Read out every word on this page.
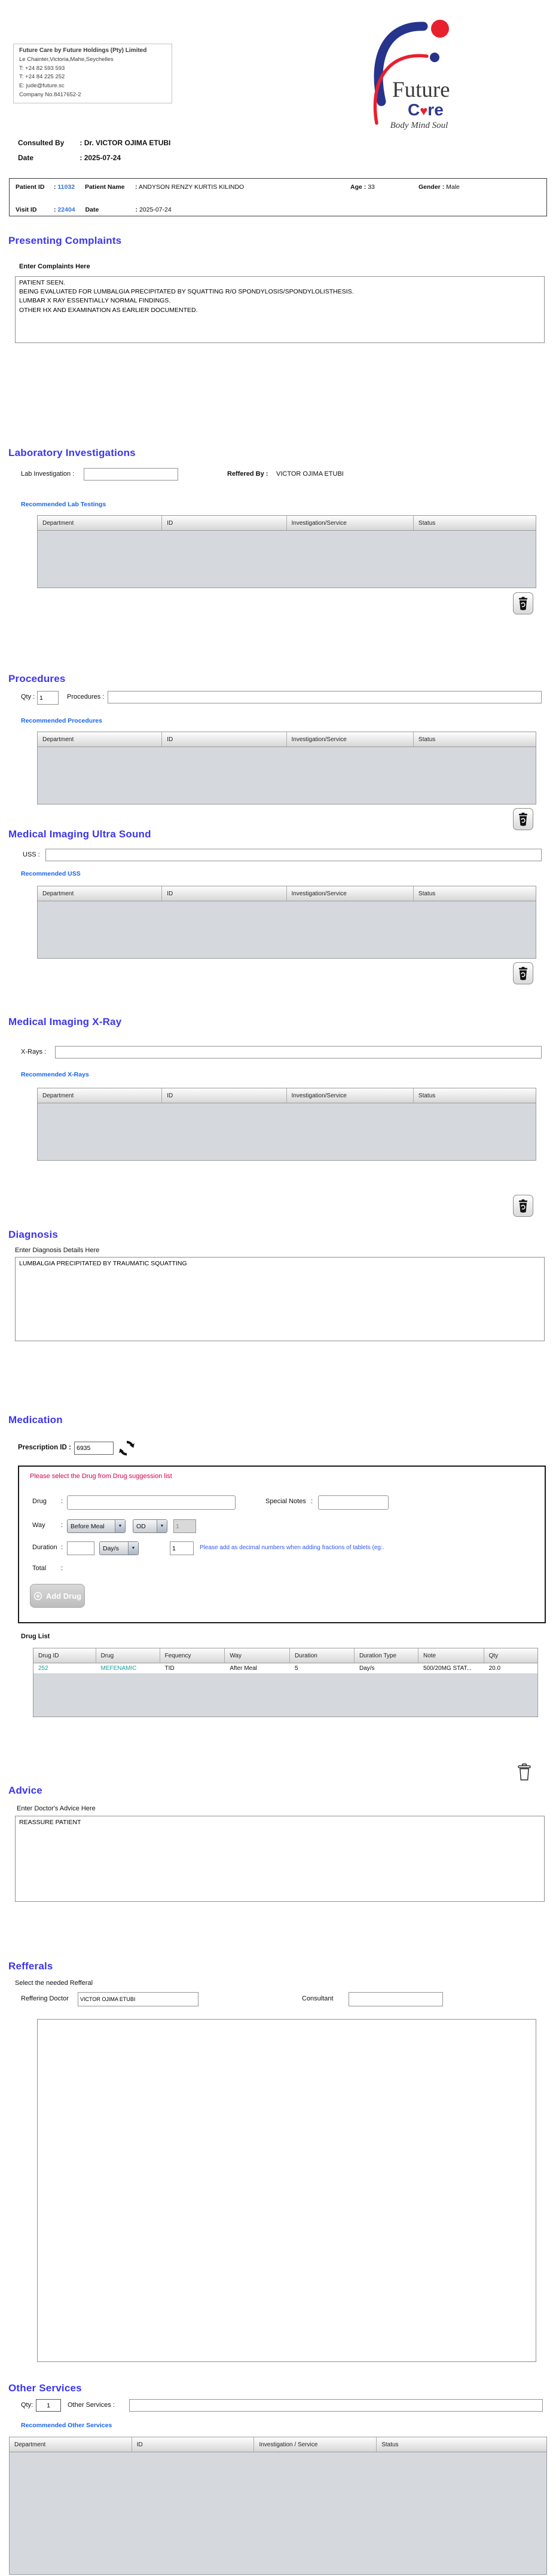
Future Care by Future Holdings (Pty) Limited
Le Chainter,Victoria,Mahe,Seychelles
T: +24 82 593 593
T: +24 84 225 252
E: jude@future.sc
Company No.8417652-2	Future
C♥re
Body Mind Soul
Consulted By : Dr. VICTOR OJIMA ETUBI
Date	: 2025-07-24
Patient ID : 11032 Patient Name : ANDYSON RENZY KURTIS KILINDO	Age : 33	Gender : Male
Visit ID	: 22404 Date	: 2025-07-24
Presenting Complaints
Enter Complaints Here
PATIENT SEEN. BEING EVALUATED FOR LUMBALGIA PRECIPITATED BY SQUATTING R/O SPONDYLOSIS/SPONDYLOLISTHESIS. LUMBAR X RAY ESSENTIALLY NORMAL FINDINGS. OTHER HX AND EXAMINATION AS EARLIER DOCUMENTED.
Laboratory Investigations
Lab Investigation :	Reffered By : VICTOR OJIMA ETUBI
Recommended Lab Testings
Department	ID	Investigation/Service	Status
Procedures
Qty :
1	Procedures :
Recommended Procedures
Department	ID	Investigation/Service	Status
Medical Imaging Ultra Sound
USS :
Recommended USS
Department	ID	Investigation/Service	Status
Medical Imaging X-Ray
X-Rays :
Recommended X-Rays
Department	ID	Investigation/Service	Status
Diagnosis
Enter Diagnosis Details Here
LUMBALGIA PRECIPITATED BY TRAUMATIC SQUATTING
Medication
Prescription ID :
6935
Please select the Drug from Drug suggession list
Drug :	Special Notes :
Way :	Before Meal	▼	OD	▼
1
Duration :	Day/s	▼
1	Please add as decimal numbers when adding fractions of tablets (eg:.
Total :
Add Drug
Drug List
Drug ID	Drug	Fequency	Way	Duration	Duration Type	Note	Qty
252	MEFENAMIC	TID	After Meal	5	Day/s	500/20MG STAT...	20.0
Advice
Enter Doctor's Advice Here
REASSURE PATIENT
Refferals
Select the needed Refferal
Reffering Doctor
VICTOR OJIMA ETUBI	Consultant
Other Services
Qty:
1	Other Services :
Recommended Other Services
Department	ID	Investigation / Service	Status
